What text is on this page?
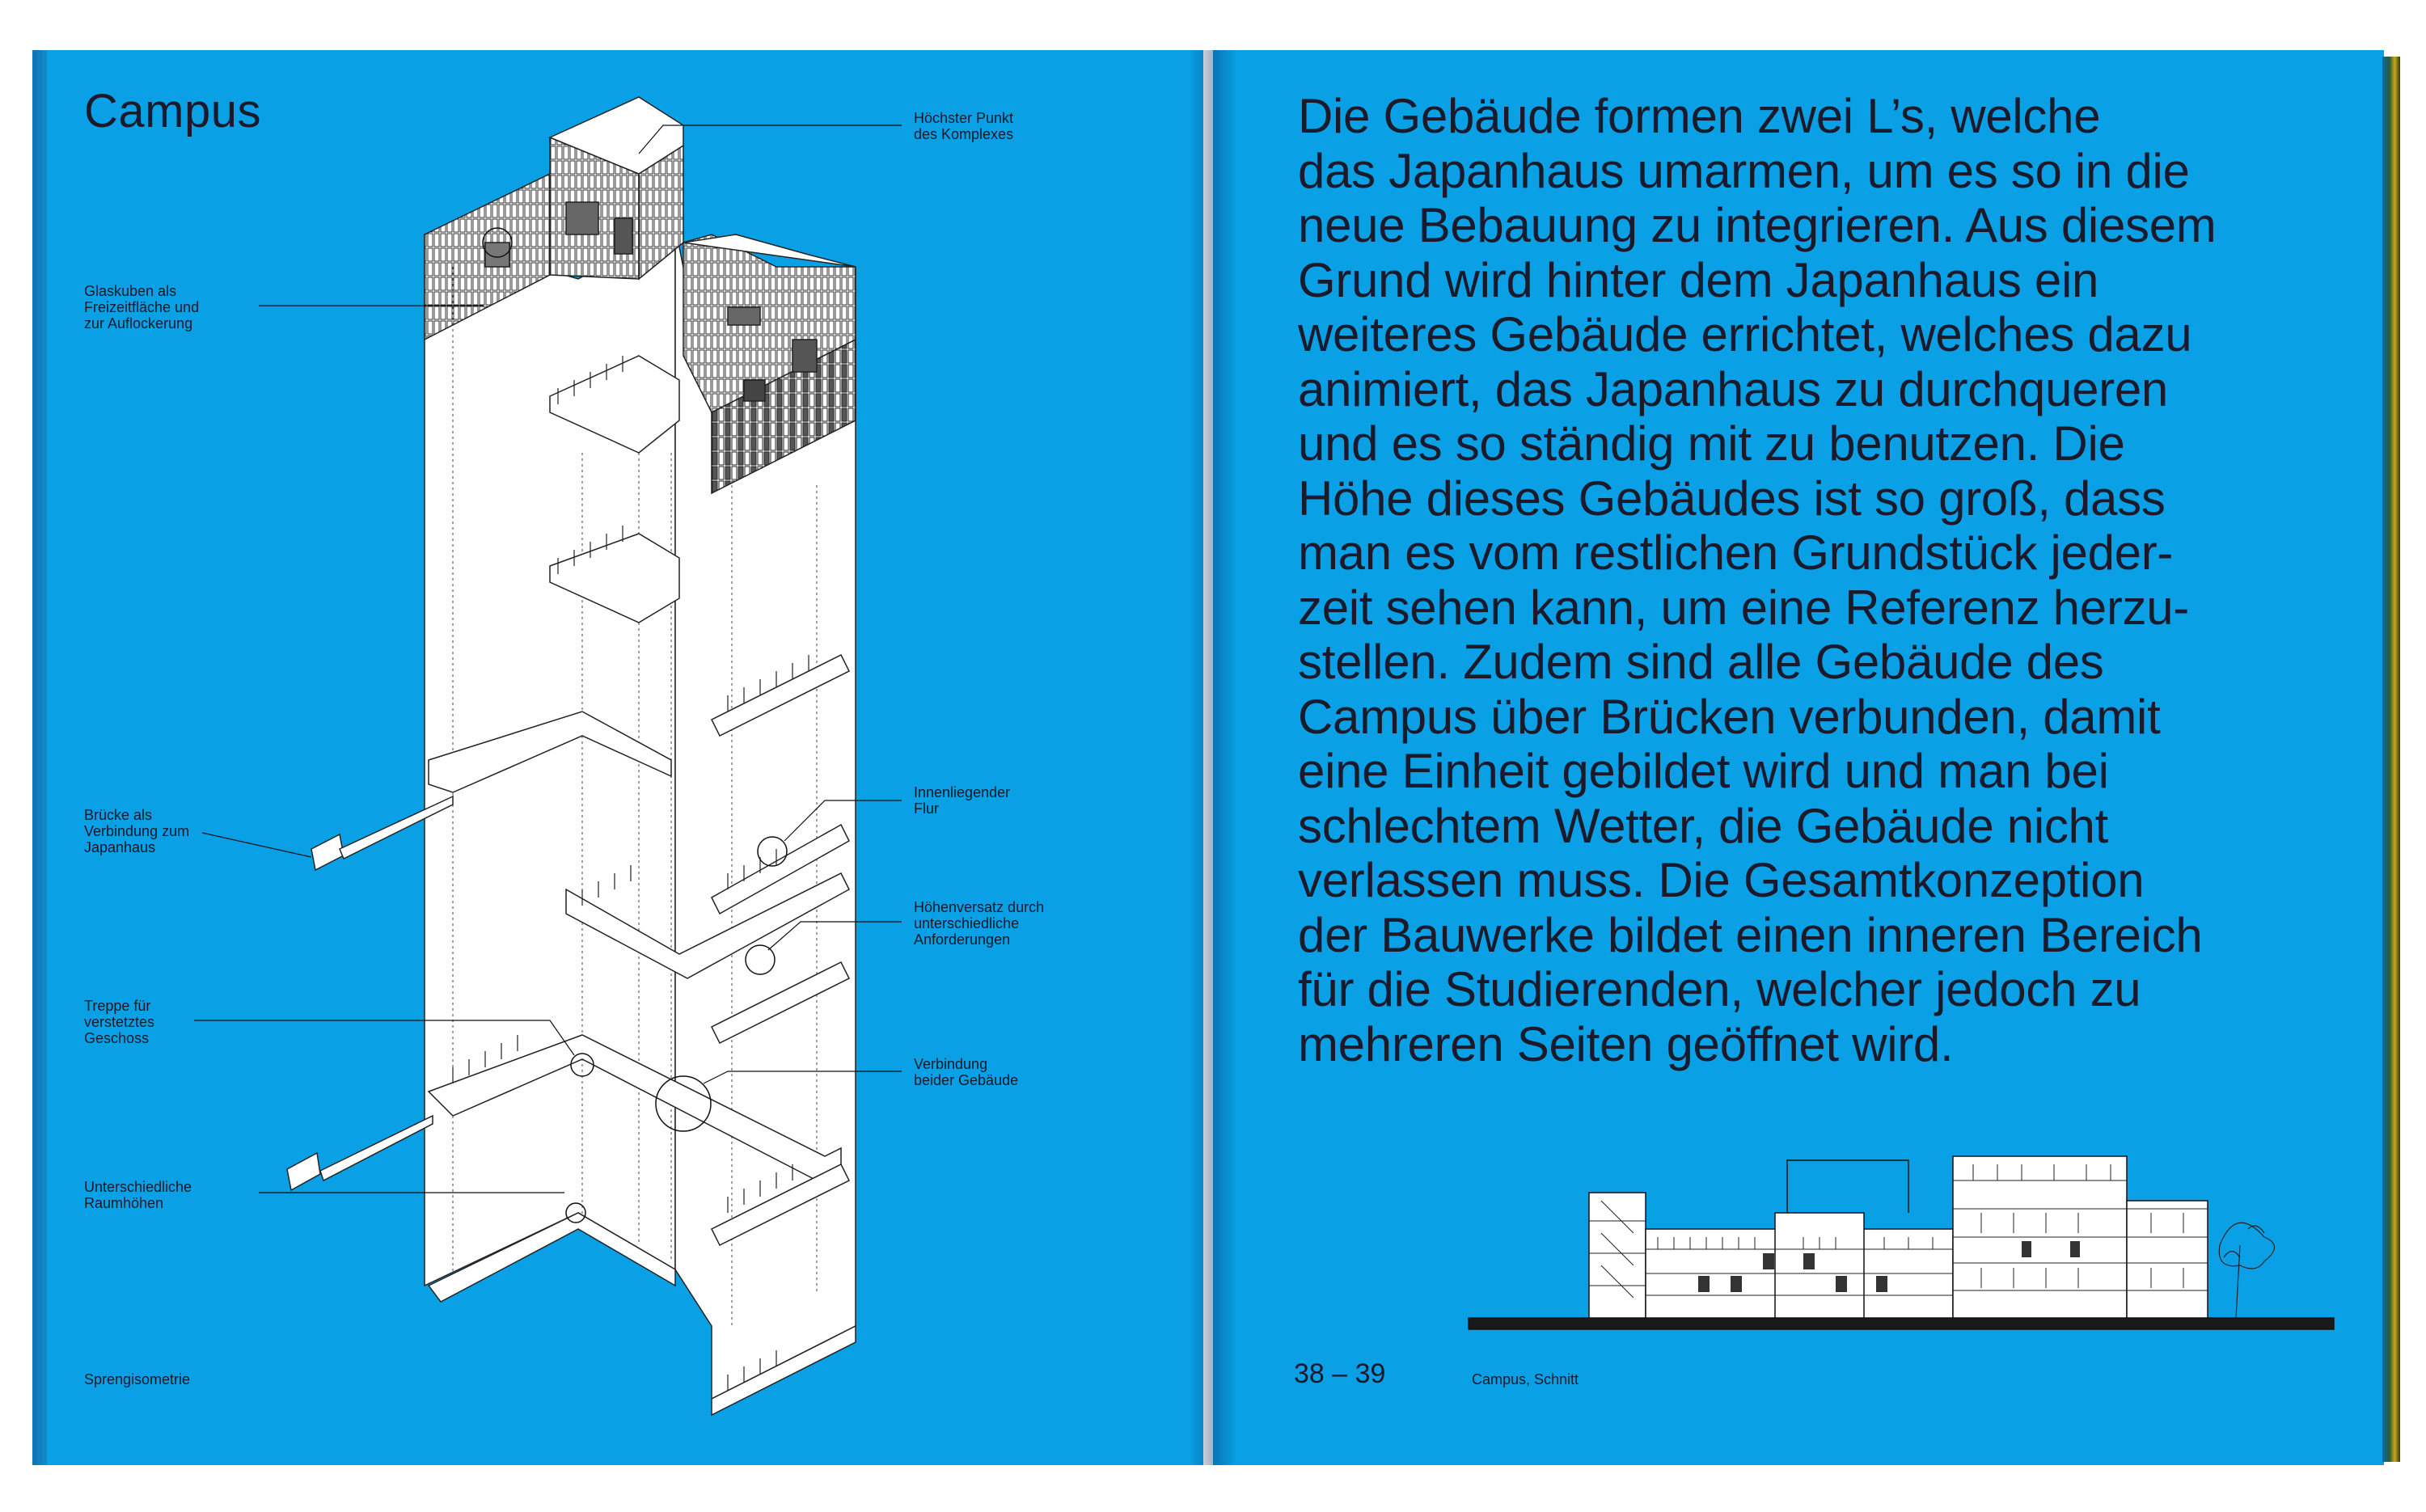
Campus	Höchster Punkt
des Komplexes

Glaskuben als
Freizeitfläche und
zur Auflockerung

Brücke als
Verbindung zum
Japanhaus

Innenliegender
Flur

Höhenversatz durch
unterschiedliche
Anforderungen

Treppe für
verstetztes
Geschoss

Verbindung
beider Gebäude

Unterschiedliche
Raumhöhen

Sprengisometrie

Die Gebäude formen zwei L’s, welche
das Japanhaus umarmen, um es so in die
neue Bebauung zu integrieren. Aus diesem
Grund wird hinter dem Japanhaus ein
weiteres Gebäude errichtet, welches dazu
animiert, das Japanhaus zu durchqueren
und es so ständig mit zu benutzen. Die
Höhe dieses Gebäudes ist so groß, dass
man es vom restlichen Grundstück jeder-
zeit sehen kann, um eine Referenz herzu-
stellen. Zudem sind alle Gebäude des
Campus über Brücken verbunden, damit
eine Einheit gebildet wird und man bei
schlechtem Wetter, die Gebäude nicht
verlassen muss. Die Gesamtkonzeption
der Bauwerke bildet einen inneren Bereich
für die Studierenden, welcher jedoch zu
mehreren Seiten geöffnet wird.

38 – 39	Campus, Schnitt
